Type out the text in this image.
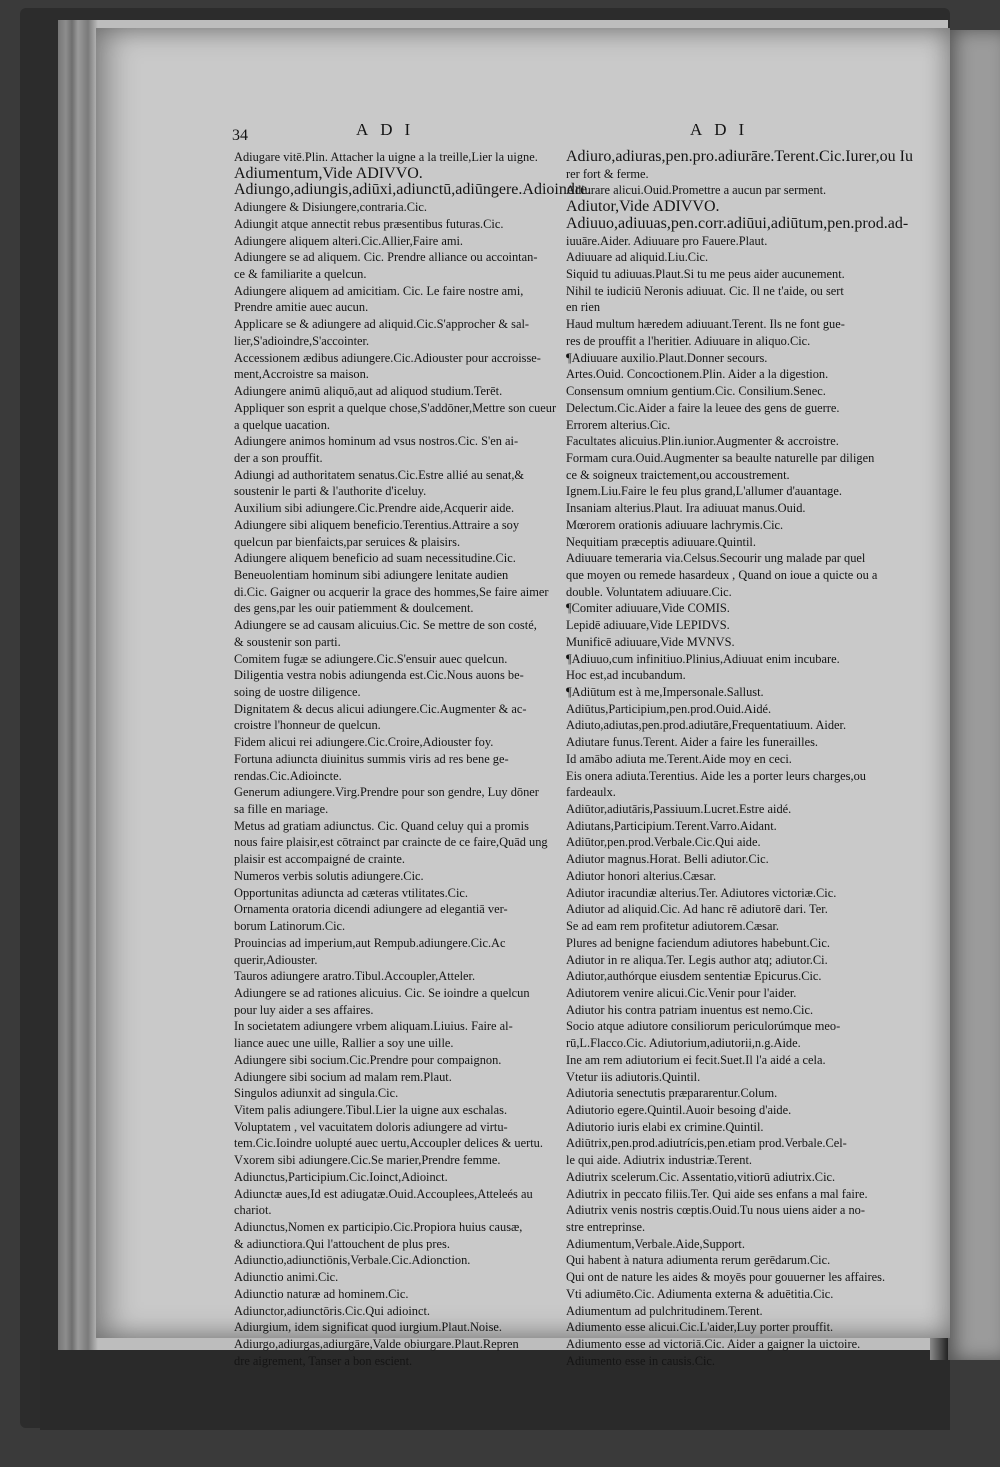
34	ADI	ADI
Adiugare vitē.Plin. Attacher la uigne a la treille,Lier la uigne.
Adiumentum,Vide ADIVVO.
Adiungo,adiungis,adiūxi,adiunctū,adiūngere.Adioindre.
Adiungere & Disiungere,contraria.Cic.
Adiungit atque annectit rebus præsentibus futuras.Cic.
Adiungere aliquem alteri.Cic.Allier,Faire ami.
Adiungere se ad aliquem. Cic. Prendre alliance ou accointan-
ce & familiarite a quelcun.
Adiungere aliquem ad amicitiam. Cic. Le faire nostre ami,
Prendre amitie auec aucun.
Applicare se & adiungere ad aliquid.Cic.S'approcher & sal-
lier,S'adioindre,S'accointer.
Accessionem ædibus adiungere.Cic.Adiouster pour accroisse-
ment,Accroistre sa maison.
Adiungere animū aliquō,aut ad aliquod studium.Terēt.
Appliquer son esprit a quelque chose,S'addōner,Mettre son cueur
a quelque uacation.
Adiungere animos hominum ad vsus nostros.Cic. S'en ai-
der a son prouffit.
Adiungi ad authoritatem senatus.Cic.Estre allié au senat,&
soustenir le parti & l'authorite d'iceluy.
Auxilium sibi adiungere.Cic.Prendre aide,Acquerir aide.
Adiungere sibi aliquem beneficio.Terentius.Attraire a soy
quelcun par bienfaicts,par seruices & plaisirs.
Adiungere aliquem beneficio ad suam necessitudine.Cic.
Beneuolentiam hominum sibi adiungere lenitate audien
di.Cic. Gaigner ou acquerir la grace des hommes,Se faire aimer
des gens,par les ouir patiemment & doulcement.
Adiungere se ad causam alicuius.Cic. Se mettre de son costé,
& soustenir son parti.
Comitem fugæ se adiungere.Cic.S'ensuir auec quelcun.
Diligentia vestra nobis adiungenda est.Cic.Nous auons be-
soing de uostre diligence.
Dignitatem & decus alicui adiungere.Cic.Augmenter & ac-
croistre l'honneur de quelcun.
Fidem alicui rei adiungere.Cic.Croire,Adiouster foy.
Fortuna adiuncta diuinitus summis viris ad res bene ge-
rendas.Cic.Adioincte.
Generum adiungere.Virg.Prendre pour son gendre, Luy dōner
sa fille en mariage.
Metus ad gratiam adiunctus. Cic. Quand celuy qui a promis
nous faire plaisir,est cōtrainct par craincte de ce faire,Quād ung
plaisir est accompaigné de crainte.
Numeros verbis solutis adiungere.Cic.
Opportunitas adiuncta ad cæteras vtilitates.Cic.
Ornamenta oratoria dicendi adiungere ad elegantiā ver-
borum Latinorum.Cic.
Prouincias ad imperium,aut Rempub.adiungere.Cic.Ac
querir,Adiouster.
Tauros adiungere aratro.Tibul.Accoupler,Atteler.
Adiungere se ad rationes alicuius. Cic. Se ioindre a quelcun
pour luy aider a ses affaires.
In societatem adiungere vrbem aliquam.Liuius. Faire al-
liance auec une uille, Rallier a soy une uille.
Adiungere sibi socium.Cic.Prendre pour compaignon.
Adiungere sibi socium ad malam rem.Plaut.
Singulos adiunxit ad singula.Cic.
Vitem palis adiungere.Tibul.Lier la uigne aux eschalas.
Voluptatem , vel vacuitatem doloris adiungere ad virtu-
tem.Cic.Ioindre uolupté auec uertu,Accoupler delices & uertu.
Vxorem sibi adiungere.Cic.Se marier,Prendre femme.
Adiunctus,Participium.Cic.Ioinct,Adioinct.
Adiunctæ aues,Id est adiugatæ.Ouid.Accouplees,Atteleés au
chariot.
Adiunctus,Nomen ex participio.Cic.Propiora huius causæ,
& adiunctiora.Qui l'attouchent de plus pres.
Adiunctio,adiunctiōnis,Verbale.Cic.Adionction.
Adiunctio animi.Cic.
Adiunctio naturæ ad hominem.Cic.
Adiunctor,adiunctōris.Cic.Qui adioinct.
Adiurgium, idem significat quod iurgium.Plaut.Noise.
Adiurgo,adiurgas,adiurgāre,Valde obiurgare.Plaut.Repren
dre aigrement, Tanser a bon escient.
Adiuro,adiuras,pen.pro.adiurāre.Terent.Cic.Iurer,ou Iu
rer fort & ferme.
Adiurare alicui.Ouid.Promettre a aucun par serment.
Adiutor,Vide ADIVVO.
Adiuuo,adiuuas,pen.corr.adiūui,adiūtum,pen.prod.ad-
iuuāre.Aider. Adiuuare pro Fauere.Plaut.
Adiuuare ad aliquid.Liu.Cic.
Siquid tu adiuuas.Plaut.Si tu me peus aider aucunement.
Nihil te iudiciū Neronis adiuuat. Cic. Il ne t'aide, ou sert
en rien
Haud multum hæredem adiuuant.Terent. Ils ne font gue-
res de prouffit a l'heritier. Adiuuare in aliquo.Cic.
¶Adiuuare auxilio.Plaut.Donner secours.
Artes.Ouid. Concoctionem.Plin. Aider a la digestion.
Consensum omnium gentium.Cic. Consilium.Senec.
Delectum.Cic.Aider a faire la leuee des gens de guerre.
Errorem alterius.Cic.
Facultates alicuius.Plin.iunior.Augmenter & accroistre.
Formam cura.Ouid.Augmenter sa beaulte naturelle par diligen
ce & soigneux traictement,ou accoustrement.
Ignem.Liu.Faire le feu plus grand,L'allumer d'auantage.
Insaniam alterius.Plaut. Ira adiuuat manus.Ouid.
Mœrorem orationis adiuuare lachrymis.Cic.
Nequitiam præceptis adiuuare.Quintil.
Adiuuare temeraria via.Celsus.Secourir ung malade par quel
que moyen ou remede hasardeux , Quand on ioue a quicte ou a
double. Voluntatem adiuuare.Cic.
¶Comiter adiuuare,Vide COMIS.
Lepidē adiuuare,Vide LEPIDVS.
Munificē adiuuare,Vide MVNVS.
¶Adiuuo,cum infinitiuo.Plinius,Adiuuat enim incubare.
Hoc est,ad incubandum.
¶Adiūtum est à me,Impersonale.Sallust.
Adiūtus,Participium,pen.prod.Ouid.Aidé.
Adiuto,adiutas,pen.prod.adiutāre,Frequentatiuum. Aider.
Adiutare funus.Terent. Aider a faire les funerailles.
Id amābo adiuta me.Terent.Aide moy en ceci.
Eis onera adiuta.Terentius. Aide les a porter leurs charges,ou
fardeaulx.
Adiūtor,adiutāris,Passiuum.Lucret.Estre aidé.
Adiutans,Participium.Terent.Varro.Aidant.
Adiūtor,pen.prod.Verbale.Cic.Qui aide.
Adiutor magnus.Horat. Belli adiutor.Cic.
Adiutor honori alterius.Cæsar.
Adiutor iracundiæ alterius.Ter. Adiutores victoriæ.Cic.
Adiutor ad aliquid.Cic. Ad hanc rē adiutorē dari. Ter.
Se ad eam rem profitetur adiutorem.Cæsar.
Plures ad benigne faciendum adiutores habebunt.Cic.
Adiutor in re aliqua.Ter. Legis author atq; adiutor.Ci.
Adiutor,authórque eiusdem sententiæ Epicurus.Cic.
Adiutorem venire alicui.Cic.Venir pour l'aider.
Adiutor his contra patriam inuentus est nemo.Cic.
Socio atque adiutore consiliorum periculorúmque meo-
rū,L.Flacco.Cic. Adiutorium,adiutorii,n.g.Aide.
Ine am rem adiutorium ei fecit.Suet.Il l'a aidé a cela.
Vtetur iis adiutoris.Quintil.
Adiutoria senectutis præpararentur.Colum.
Adiutorio egere.Quintil.Auoir besoing d'aide.
Adiutorio iuris elabi ex crimine.Quintil.
Adiūtrix,pen.prod.adiutrícis,pen.etiam prod.Verbale.Cel-
le qui aide. Adiutrix industriæ.Terent.
Adiutrix scelerum.Cic. Assentatio,vitiorū adiutrix.Cic.
Adiutrix in peccato filiis.Ter. Qui aide ses enfans a mal faire.
Adiutrix venis nostris cœptis.Ouid.Tu nous uiens aider a no-
stre entreprinse.
Adiumentum,Verbale.Aide,Support.
Qui habent à natura adiumenta rerum gerēdarum.Cic.
Qui ont de nature les aides & moyēs pour gouuerner les affaires.
Vti adiumēto.Cic. Adiumenta externa & aduētitia.Cic.
Adiumentum ad pulchritudinem.Terent.
Adiumento esse alicui.Cic.L'aider,Luy porter prouffit.
Adiumento esse ad victoriā.Cic. Aider a gaigner la uictoire.
Adiumento esse in causis.Cic.
